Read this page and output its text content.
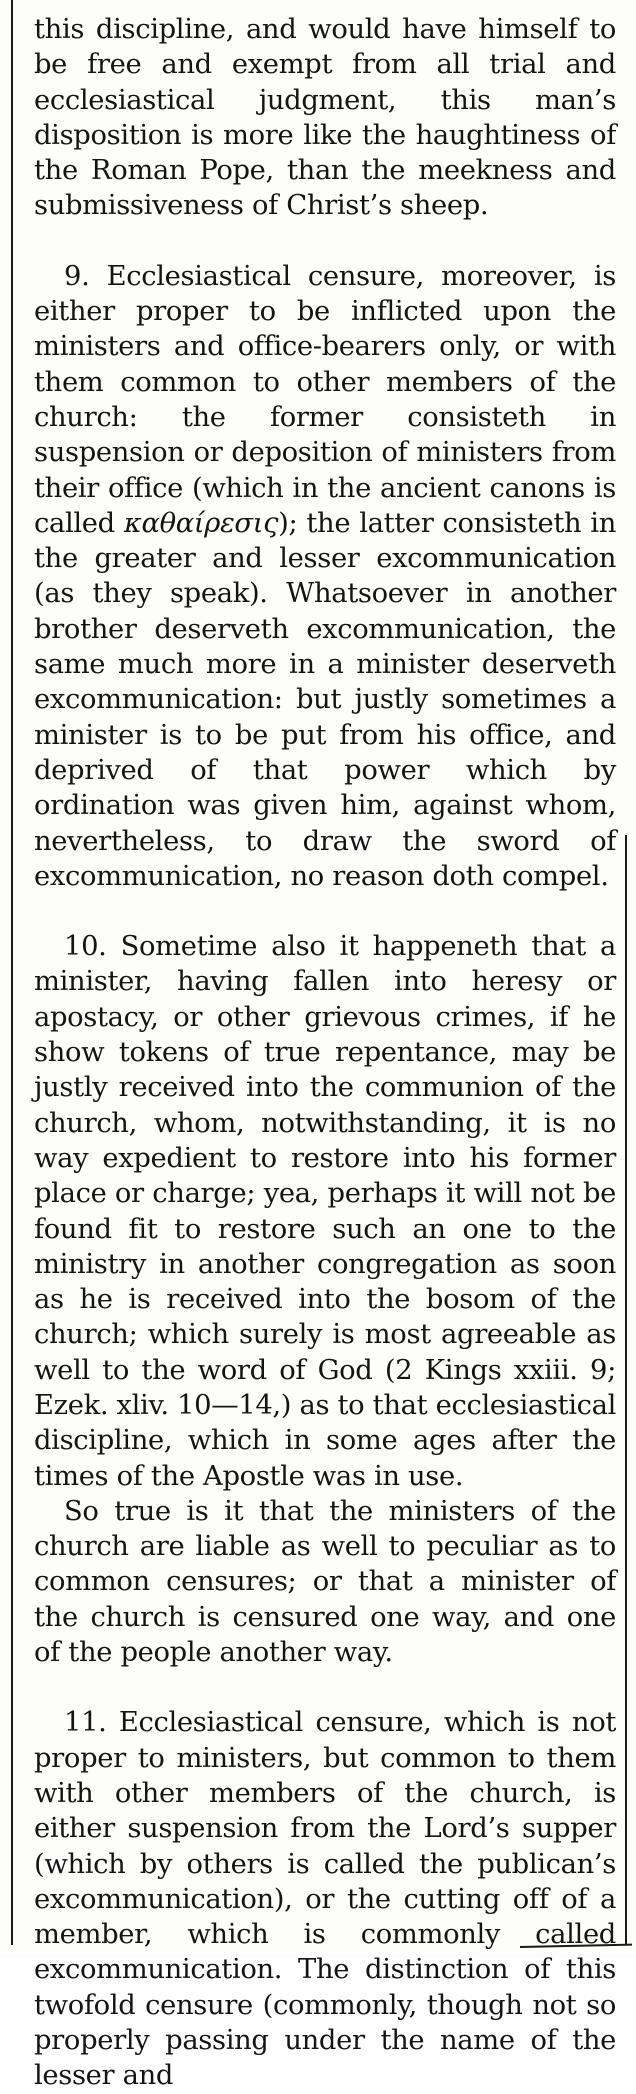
this discipline, and would have himself to be free and exempt from all trial and ecclesiastical judgment, this man’s disposition is more like the haughtiness of the Roman Pope, than the meekness and submissiveness of Christ’s sheep.

9. Ecclesiastical censure, moreover, is either proper to be inflicted upon the ministers and office-bearers only, or with them common to other members of the church: the former consisteth in suspension or deposition of ministers from their office (which in the ancient canons is called καθαίρεσις); the latter consisteth in the greater and lesser excommunication (as they speak). Whatsoever in another brother deserveth excommunication, the same much more in a minister deserveth excommunication: but justly sometimes a minister is to be put from his office, and deprived of that power which by ordination was given him, against whom, nevertheless, to draw the sword of excommunication, no reason doth compel.

10. Sometime also it happeneth that a minister, having fallen into heresy or apostacy, or other grievous crimes, if he show tokens of true repentance, may be justly received into the communion of the church, whom, notwithstanding, it is no way expedient to restore into his former place or charge; yea, perhaps it will not be found fit to restore such an one to the ministry in another congregation as soon as he is received into the bosom of the church; which surely is most agreeable as well to the word of God (2 Kings xxiii. 9; Ezek. xliv. 10—14,) as to that ecclesiastical discipline, which in some ages after the times of the Apostle was in use.

So true is it that the ministers of the church are liable as well to peculiar as to common censures; or that a minister of the church is censured one way, and one of the people another way.

11. Ecclesiastical censure, which is not proper to ministers, but common to them with other members of the church, is either suspension from the Lord’s supper (which by others is called the publican’s excommunication), or the cutting off of a member, which is commonly called excommunication. The distinction of this twofold censure (commonly, though not so properly passing under the name of the lesser and
